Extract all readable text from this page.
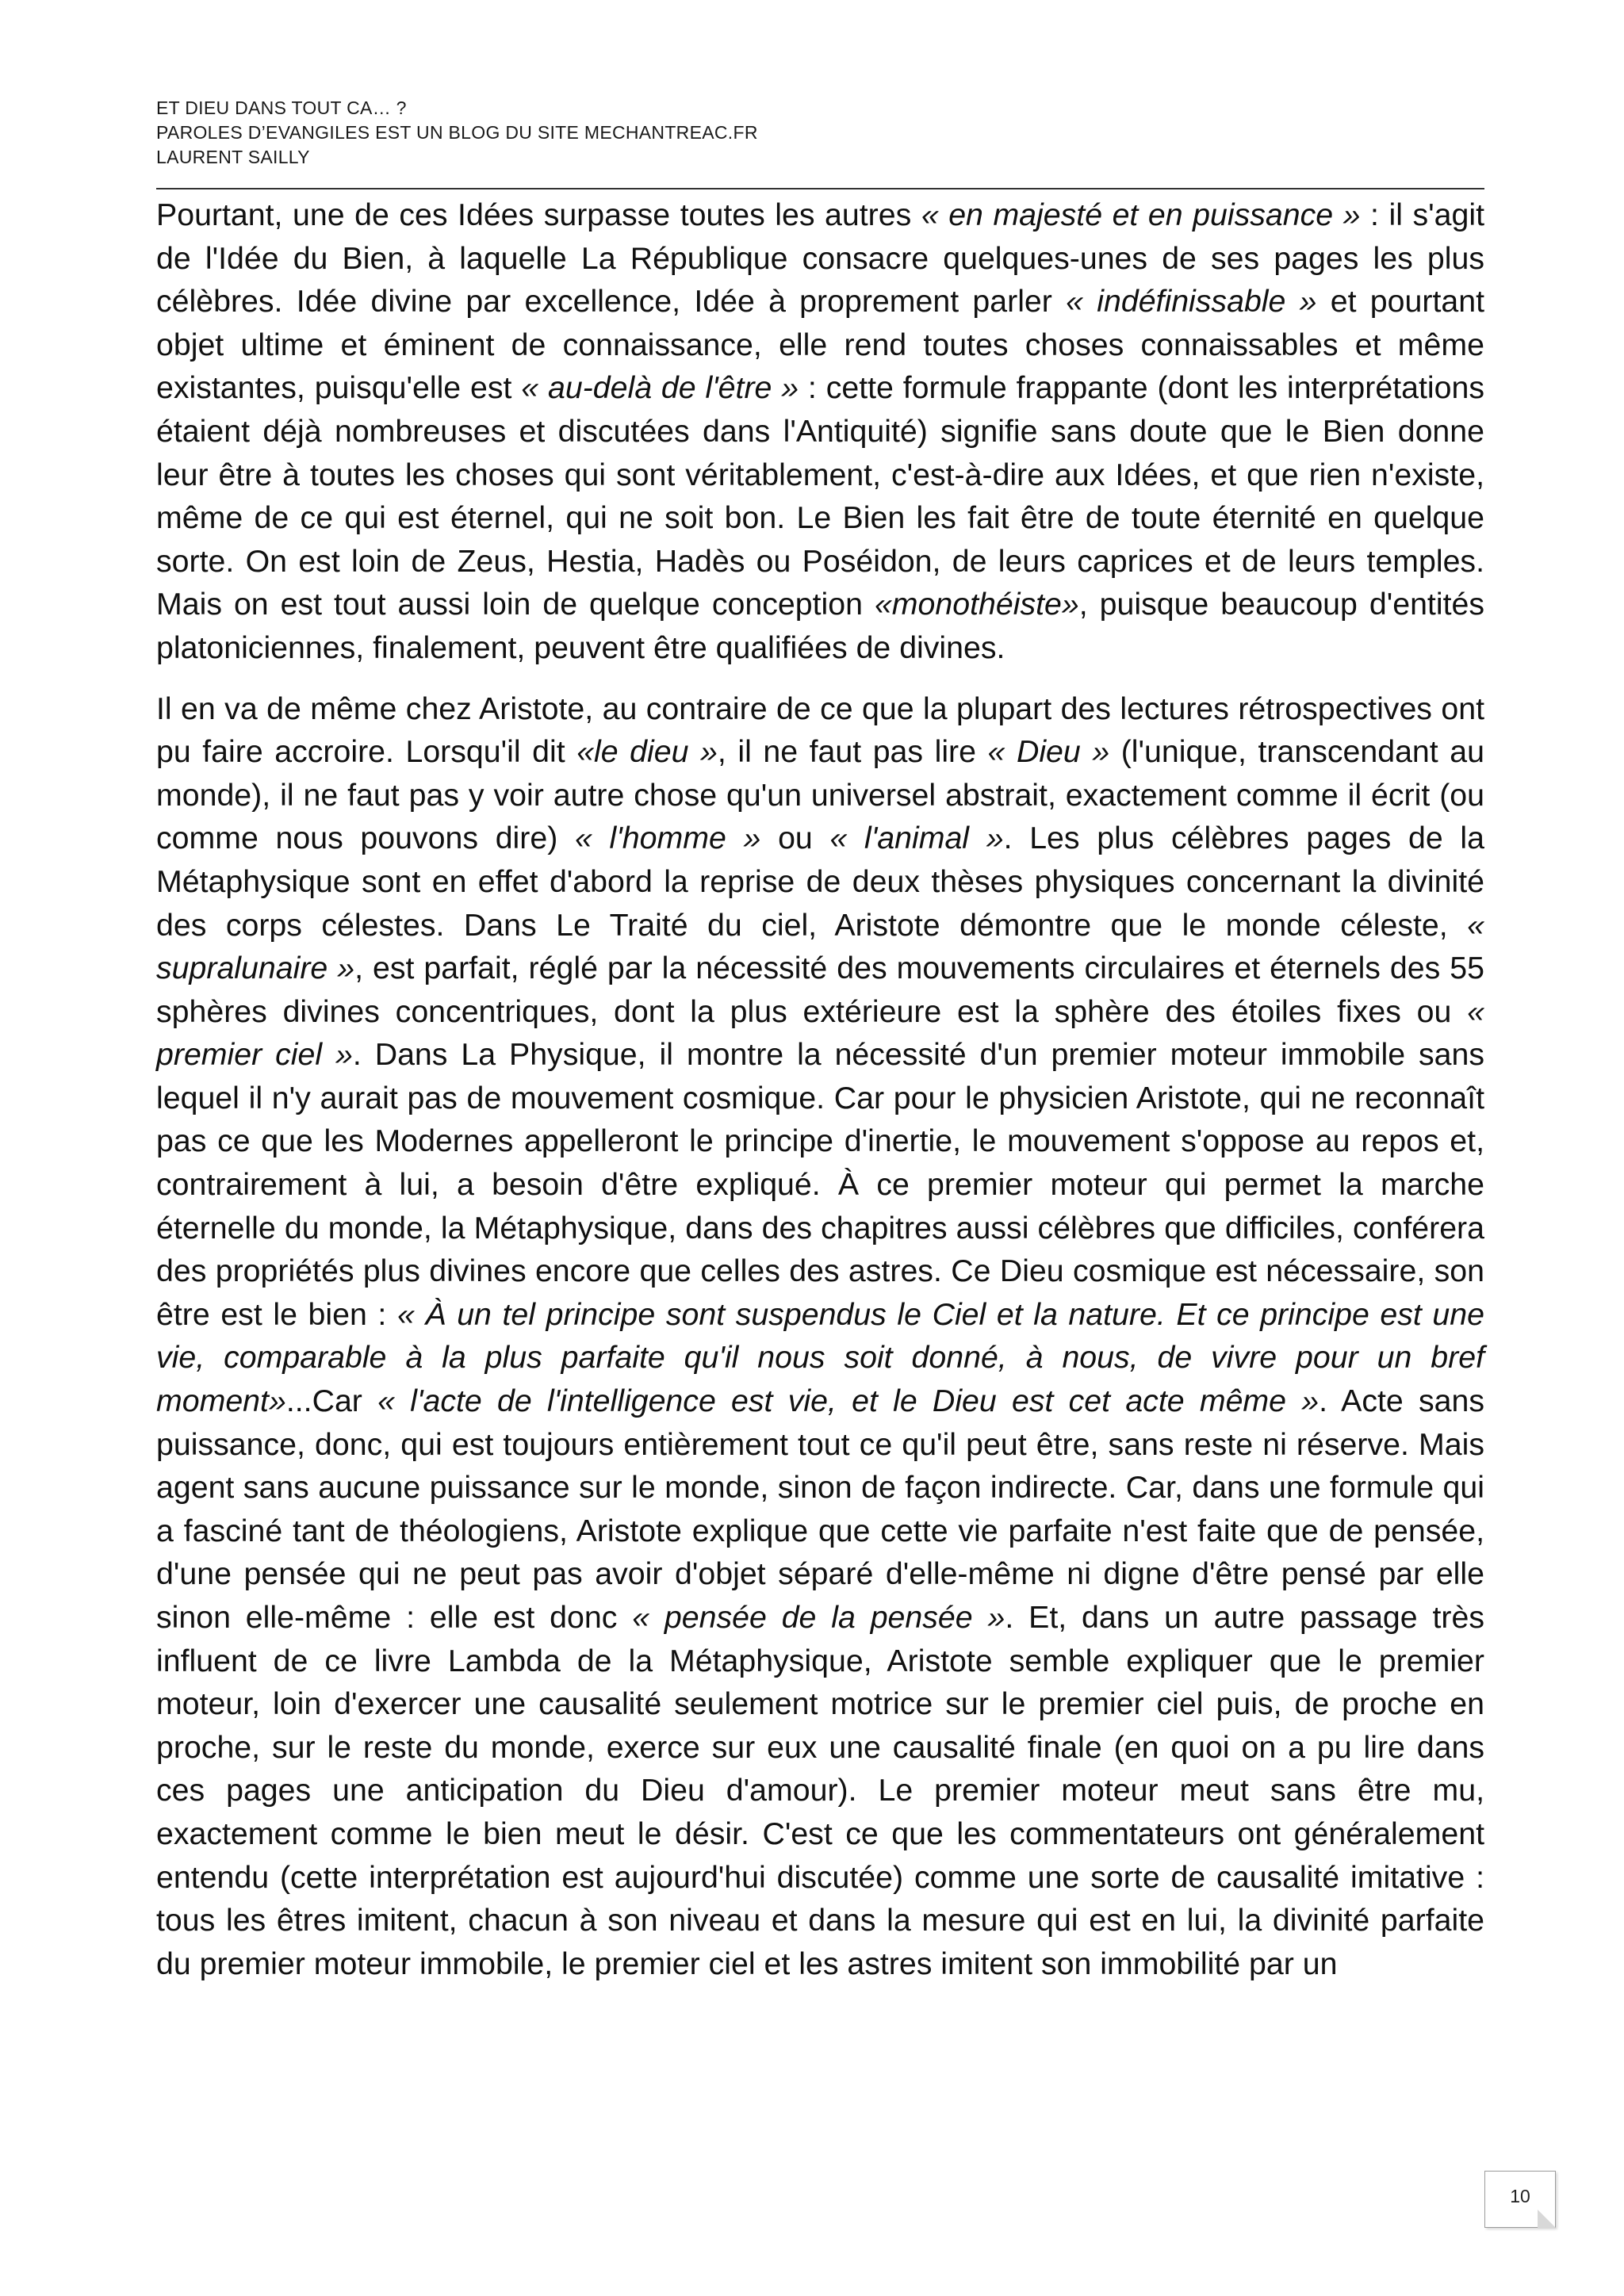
ET DIEU DANS TOUT CA… ?
PAROLES D’EVANGILES EST UN BLOG DU SITE MECHANTREAC.FR
LAURENT SAILLY

Pourtant, une de ces Idées surpasse toutes les autres « en majesté et en puissance » : il s'agit de l'Idée du Bien, à laquelle La République consacre quelques-unes de ses pages les plus célèbres. Idée divine par excellence, Idée à proprement parler « indéfinissable » et pourtant objet ultime et éminent de connaissance, elle rend toutes choses connaissables et même existantes, puisqu'elle est « au-delà de l'être » : cette formule frappante (dont les interprétations étaient déjà nombreuses et discutées dans l'Antiquité) signifie sans doute que le Bien donne leur être à toutes les choses qui sont véritablement, c'est-à-dire aux Idées, et que rien n'existe, même de ce qui est éternel, qui ne soit bon. Le Bien les fait être de toute éternité en quelque sorte. On est loin de Zeus, Hestia, Hadès ou Poséidon, de leurs caprices et de leurs temples. Mais on est tout aussi loin de quelque conception «monothéiste», puisque beaucoup d'entités platoniciennes, finalement, peuvent être qualifiées de divines.

Il en va de même chez Aristote, au contraire de ce que la plupart des lectures rétrospectives ont pu faire accroire. Lorsqu'il dit «le dieu », il ne faut pas lire « Dieu » (l'unique, transcendant au monde), il ne faut pas y voir autre chose qu'un universel abstrait, exactement comme il écrit (ou comme nous pouvons dire) « l'homme » ou « l'animal ». Les plus célèbres pages de la Métaphysique sont en effet d'abord la reprise de deux thèses physiques concernant la divinité des corps célestes. Dans Le Traité du ciel, Aristote démontre que le monde céleste, « supralunaire », est parfait, réglé par la nécessité des mouvements circulaires et éternels des 55 sphères divines concentriques, dont la plus extérieure est la sphère des étoiles fixes ou « premier ciel ». Dans La Physique, il montre la nécessité d'un premier moteur immobile sans lequel il n'y aurait pas de mouvement cosmique. Car pour le physicien Aristote, qui ne reconnaît pas ce que les Modernes appelleront le principe d'inertie, le mouvement s'oppose au repos et, contrairement à lui, a besoin d'être expliqué. À ce premier moteur qui permet la marche éternelle du monde, la Métaphysique, dans des chapitres aussi célèbres que difficiles, conférera des propriétés plus divines encore que celles des astres. Ce Dieu cosmique est nécessaire, son être est le bien : « À un tel principe sont suspendus le Ciel et la nature. Et ce principe est une vie, comparable à la plus parfaite qu'il nous soit donné, à nous, de vivre pour un bref moment»...Car « l'acte de l'intelligence est vie, et le Dieu est cet acte même ». Acte sans puissance, donc, qui est toujours entièrement tout ce qu'il peut être, sans reste ni réserve. Mais agent sans aucune puissance sur le monde, sinon de façon indirecte. Car, dans une formule qui a fasciné tant de théologiens, Aristote explique que cette vie parfaite n'est faite que de pensée, d'une pensée qui ne peut pas avoir d'objet séparé d'elle-même ni digne d'être pensé par elle sinon elle-même : elle est donc « pensée de la pensée ». Et, dans un autre passage très influent de ce livre Lambda de la Métaphysique, Aristote semble expliquer que le premier moteur, loin d'exercer une causalité seulement motrice sur le premier ciel puis, de proche en proche, sur le reste du monde, exerce sur eux une causalité finale (en quoi on a pu lire dans ces pages une anticipation du Dieu d'amour). Le premier moteur meut sans être mu, exactement comme le bien meut le désir. C'est ce que les commentateurs ont généralement entendu (cette interprétation est aujourd'hui discutée) comme une sorte de causalité imitative : tous les êtres imitent, chacun à son niveau et dans la mesure qui est en lui, la divinité parfaite du premier moteur immobile, le premier ciel et les astres imitent son immobilité par un

10
